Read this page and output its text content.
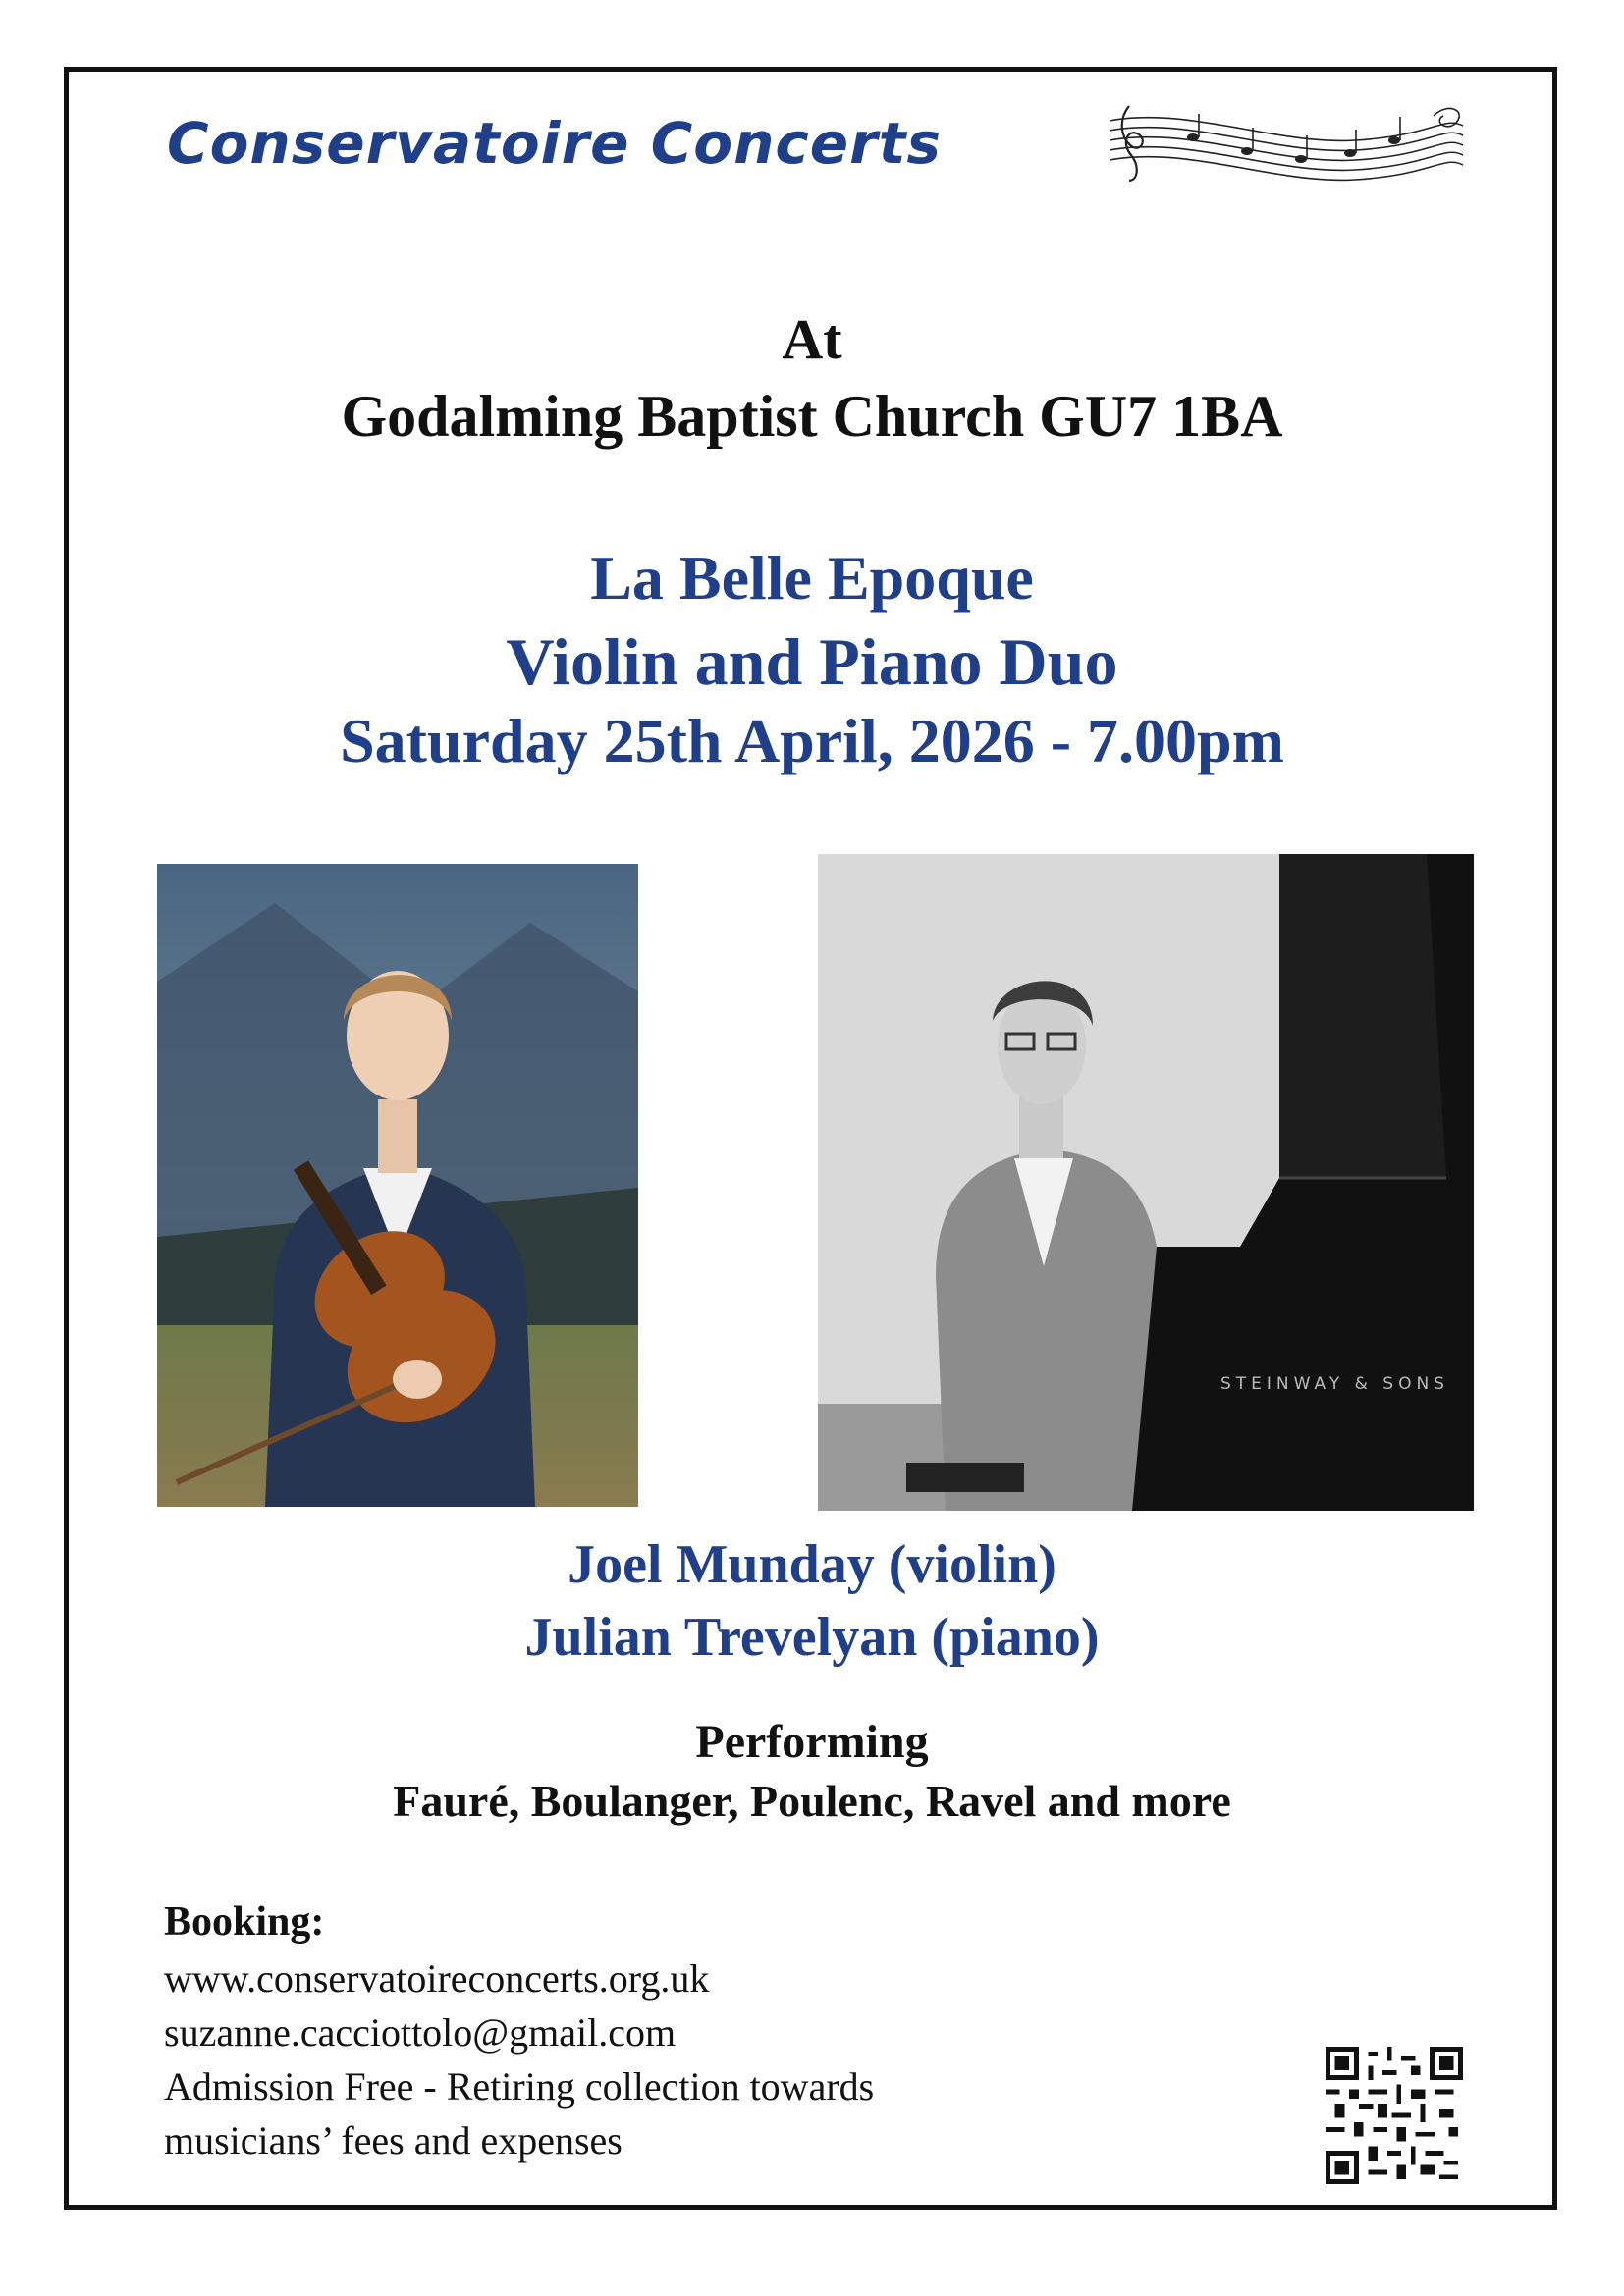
Conservatoire Concerts
At
Godalming Baptist Church GU7 1BA
La Belle Epoque
Violin and Piano Duo
Saturday 25th April, 2026 - 7.00pm
STEINWAY & SONS
Joel Munday (violin)
Julian Trevelyan (piano)
Performing
Fauré, Boulanger, Poulenc, Ravel and more
Booking:
www.conservatoireconcerts.org.uk
suzanne.cacciottolo@gmail.com
Admission Free - Retiring collection towards
musicians’ fees and expenses
